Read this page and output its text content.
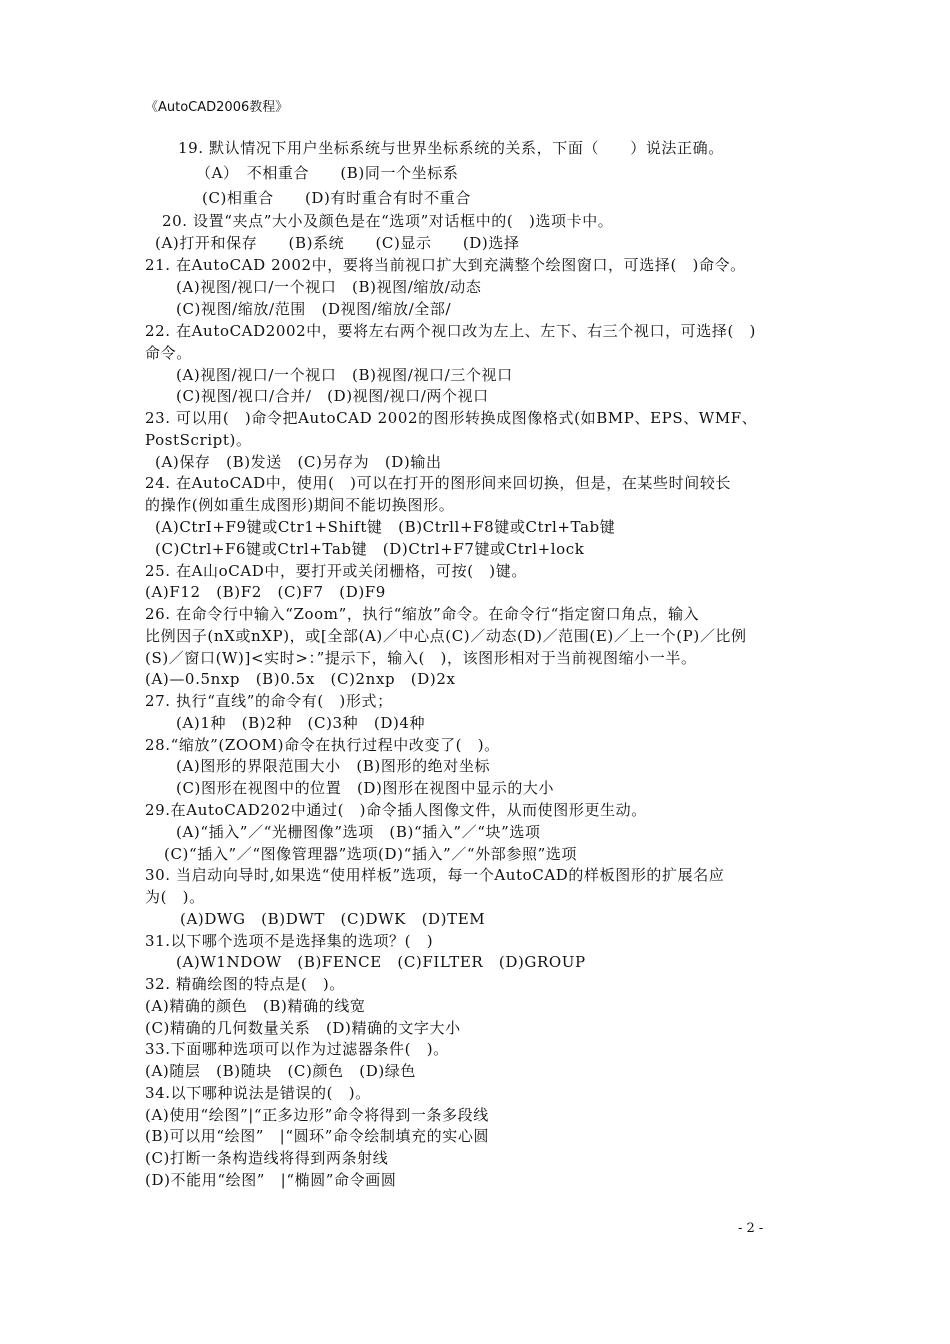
《AutoCAD2006教程》
19. 默认情况下用户坐标系统与世界坐标系统的关系，下面（　　）说法正确。
（A）　不相重合　　(B)同一个坐标系
(C)相重合　　(D)有时重合有时不重合
20. 设置“夹点”大小及颜色是在“选项”对话框中的(　)选项卡中。
(A)打开和保存　　(B)系统　　(C)显示　　(D)选择
21. 在AutoCAD 2002中，要将当前视口扩大到充满整个绘图窗口，可选择(　)命令。
(A)视图/视口/一个视口　(B)视图/缩放/动态
(C)视图/缩放/范围　(D视图/缩放/全部/
22. 在AutoCAD2002中，要将左右两个视口改为左上、左下、右三个视口，可选择(　)
命令。
(A)视图/视口/一个视口　(B)视图/视口/三个视口
(C)视图/视口/合并/　(D)视图/视口/两个视口
23. 可以用(　)命令把AutoCAD 2002的图形转换成图像格式(如BMP、EPS、WMF、
PostScript)。
(A)保存　(B)发送　(C)另存为　(D)输出
24. 在AutoCAD中，使用(　)可以在打开的图形间来回切换，但是，在某些时间较长
的操作(例如重生成图形)期间不能切换图形。
(A)CtrI+F9键或Ctr1+Shift键　(B)Ctrll+F8键或Ctrl+Tab键
(C)Ctrl+F6键或Ctrl+Tab键　(D)Ctrl+F7键或Ctrl+lock
25. 在A山oCAD中，要打开或关闭栅格，可按(　)键。
(A)F12　(B)F2　(C)F7　(D)F9
26. 在命令行中输入“Zoom”，执行“缩放”命令。在命令行“指定窗口角点，输入
比例因子(nX或nXP)，或[全部(A)／中心点(C)／动态(D)／范围(E)／上一个(P)／比例
(S)／窗口(W)]<实时>：”提示下，输入(　)，该图形相对于当前视图缩小一半。
(A)—0.5nxp　(B)0.5x　(C)2nxp　(D)2x
27. 执行“直线”的命令有(　)形式；
(A)1种　(B)2种　(C)3种　(D)4种
28.“缩放”(ZOOM)命令在执行过程中改变了(　)。
(A)图形的界限范围大小　(B)图形的绝对坐标
(C)图形在视图中的位置　(D)图形在视图中显示的大小
29.在AutoCAD202中通过(　)命令插人图像文件，从而使图形更生动。
(A)“插入”／“光栅图像”选项　(B)“插入”／“块”选项
(C)“插入”／“图像管理器”选项(D)“插入”／“外部参照”选项
30. 当启动向导时,如果选“使用样板”选项，每一个AutoCAD的样板图形的扩展名应
为(　)。
(A)DWG　(B)DWT　(C)DWK　(D)TEM
31.以下哪个选项不是选择集的选项？(　)
(A)W1NDOW　(B)FENCE　(C)FILTER　(D)GROUP
32. 精确绘图的特点是(　)。
(A)精确的颜色　(B)精确的线宽
(C)精确的几何数量关系　(D)精确的文字大小
33.下面哪种选项可以作为过滤器条件(　)。
(A)随层　(B)随块　(C)颜色　(D)绿色
34.以下哪种说法是错误的(　)。
(A)使用“绘图”|“正多边形”命令将得到一条多段线
(B)可以用“绘图”　|“圆环”命令绘制填充的实心圆
(C)打断一条构造线将得到两条射线
(D)不能用“绘图”　|“椭圆”命令画圆
- 2 -
